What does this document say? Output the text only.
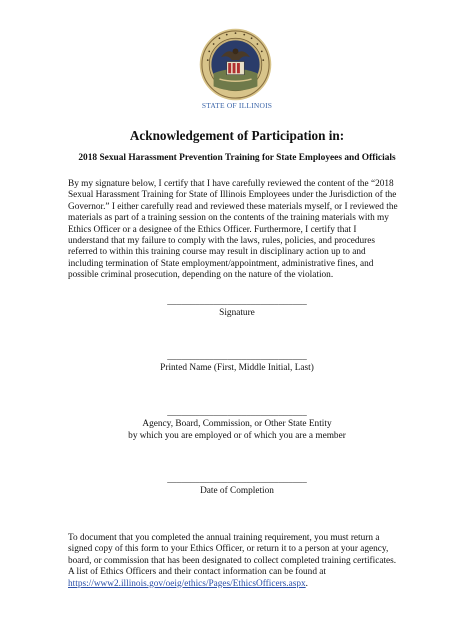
STATE OF ILLINOIS
Acknowledgement of Participation in:
2018 Sexual Harassment Prevention Training for State Employees and Officials
By my signature below, I certify that I have carefully reviewed the content of the “2018
Sexual Harassment Training for State of Illinois Employees under the Jurisdiction of the
Governor.” I either carefully read and reviewed these materials myself, or I reviewed the
materials as part of a training session on the contents of the training materials with my
Ethics Officer or a designee of the Ethics Officer. Furthermore, I certify that I
understand that my failure to comply with the laws, rules, policies, and procedures
referred to within this training course may result in disciplinary action up to and
including termination of State employment/appointment, administrative fines, and
possible criminal prosecution, depending on the nature of the violation.
______________________________
Signature
______________________________
Printed Name (First, Middle Initial, Last)
______________________________
Agency, Board, Commission, or Other State Entity
by which you are employed or of which you are a member
______________________________
Date of Completion
To document that you completed the annual training requirement, you must return a
signed copy of this form to your Ethics Officer, or return it to a person at your agency,
board, or commission that has been designated to collect completed training certificates.
A list of Ethics Officers and their contact information can be found at
https://www2.illinois.gov/oeig/ethics/Pages/EthicsOfficers.aspx.
